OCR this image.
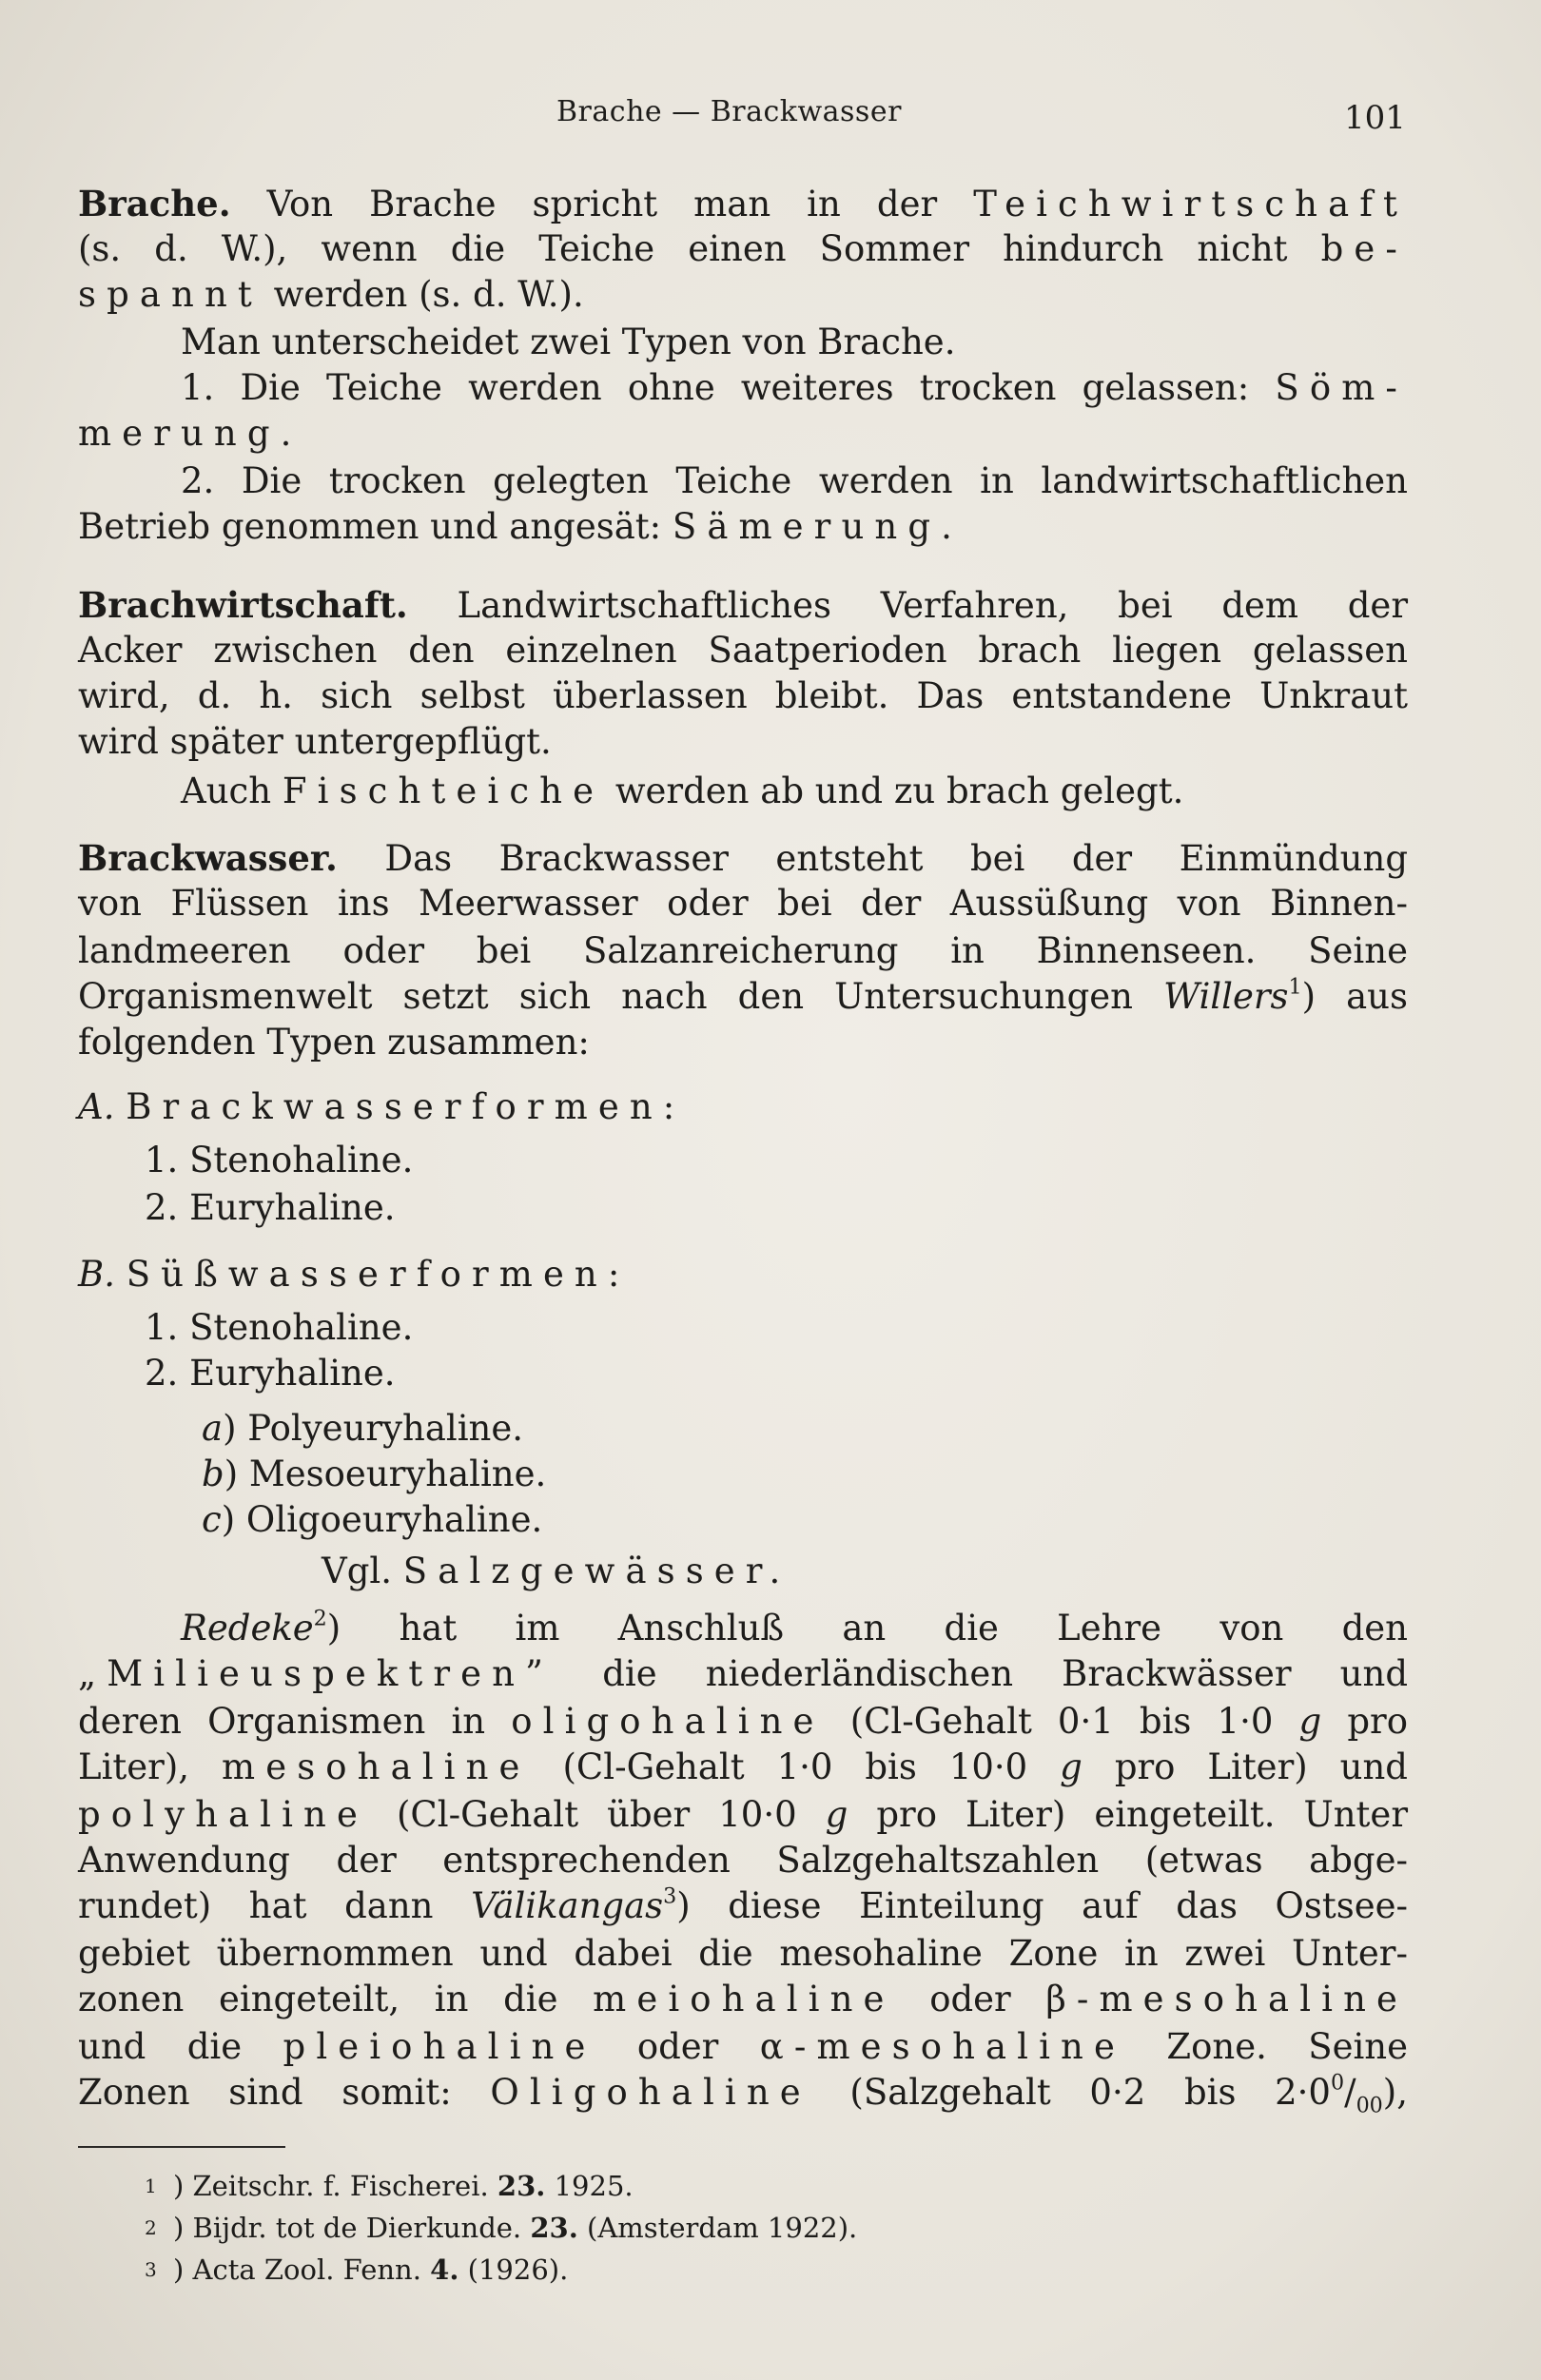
Brache — Brackwasser	101
Brache. Von Brache spricht man in der Teichwirtschaft
(s. d. W.), wenn die Teiche einen Sommer hindurch nicht be-
spannt werden (s. d. W.).
Man unterscheidet zwei Typen von Brache.
1. Die Teiche werden ohne weiteres trocken gelassen: Söm-
merung.
2. Die trocken gelegten Teiche werden in landwirtschaftlichen
Betrieb genommen und angesät: Sämerung.
Brachwirtschaft. Landwirtschaftliches Verfahren, bei dem der
Acker zwischen den einzelnen Saatperioden brach liegen gelassen
wird, d. h. sich selbst überlassen bleibt. Das entstandene Unkraut
wird später untergepflügt.
Auch Fischteiche werden ab und zu brach gelegt.
Brackwasser. Das Brackwasser entsteht bei der Einmündung
von Flüssen ins Meerwasser oder bei der Aussüßung von Binnen-
landmeeren oder bei Salzanreicherung in Binnenseen. Seine
Organismenwelt setzt sich nach den Untersuchungen Willers$^1$) aus
folgenden Typen zusammen:
A. Brackwasserformen:
1. Stenohaline.
2. Euryhaline.
B. Süßwasserformen:
1. Stenohaline.
2. Euryhaline.
a) Polyeuryhaline.
b) Mesoeuryhaline.
c) Oligoeuryhaline.
Vgl. Salzgewässer.
Redeke$^2$) hat im Anschluß an die Lehre von den
„Milieuspektren” die niederländischen Brackwässer und
deren Organismen in oligohaline (Cl-Gehalt 0·1 bis 1·0 g pro
Liter), mesohaline (Cl-Gehalt 1·0 bis 10·0 g pro Liter) und
polyhaline (Cl-Gehalt über 10·0 g pro Liter) eingeteilt. Unter
Anwendung der entsprechenden Salzgehaltszahlen (etwas abge-
rundet) hat dann Välikangas$^3$) diese Einteilung auf das Ostsee-
gebiet übernommen und dabei die mesohaline Zone in zwei Unter-
zonen eingeteilt, in die meiohaline oder β-mesohaline
und die pleiohaline oder α-mesohaline Zone. Seine
Zonen sind somit: Oligohaline (Salzgehalt 0·2 bis $2\cdot 0^0/_{00}$),
1 ) Zeitschr. f. Fischerei. 23. 1925.
2 ) Bijdr. tot de Dierkunde. 23. (Amsterdam 1922).
3 ) Acta Zool. Fenn. 4. (1926).
